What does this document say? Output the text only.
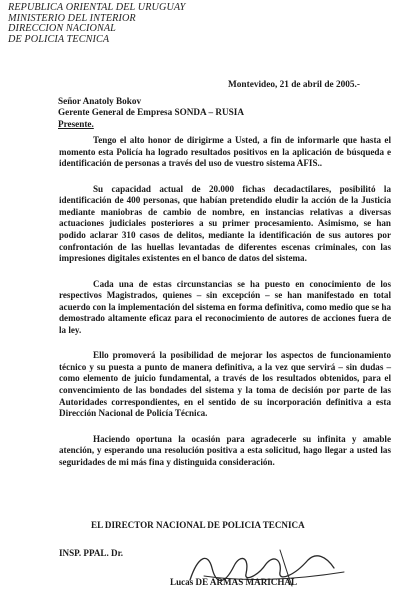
REPUBLICA ORIENTAL DEL URUGUAY
MINISTERIO DEL INTERIOR
DIRECCION NACIONAL
DE POLICIA TECNICA
Montevideo, 21 de abril de 2005.-
Señor Anatoly Bokov
Gerente General de Empresa SONDA – RUSIA
Presente.

Tengo el alto honor de dirigirme a Usted, a fin de informarle que hasta el momento esta Policía ha logrado resultados positivos en la aplicación de búsqueda e identificación de personas a través del uso de vuestro sistema AFIS..

Su capacidad actual de 20.000 fichas decadactilares, posibilitó la identificación de 400 personas, que habían pretendido eludir la acción de la Justicia mediante maniobras de cambio de nombre, en instancias relativas a diversas actuaciones judiciales posteriores a su primer procesamiento. Asimismo, se han podido aclarar 310 casos de delitos, mediante la identificación de sus autores por confrontación de las huellas levantadas de diferentes escenas criminales, con las impresiones digitales existentes en el banco de datos del sistema.

Cada una de estas circunstancias se ha puesto en conocimiento de los respectivos Magistrados, quienes – sin excepción – se han manifestado en total acuerdo con la implementación del sistema en forma definitiva, como medio que se ha demostrado altamente eficaz para el reconocimiento de autores de acciones fuera de la ley.

Ello promoverá la posibilidad de mejorar los aspectos de funcionamiento técnico y su puesta a punto de manera definitiva, a la vez que servirá – sin dudas – como elemento de juicio fundamental, a través de los resultados obtenidos, para el convencimiento de las bondades del sistema y la toma de decisión por parte de las Autoridades correspondientes, en el sentido de su incorporación definitiva a esta Dirección Nacional de Policía Técnica.

Haciendo oportuna la ocasión para agradecerle su infinita y amable atención, y esperando una resolución positiva a esta solicitud, hago llegar a usted las seguridades de mi más fina y distinguida consideración.

EL DIRECTOR NACIONAL DE POLICIA TECNICA
INSP. PPAL. Dr.
Lucas DE ARMAS MARICHAL
